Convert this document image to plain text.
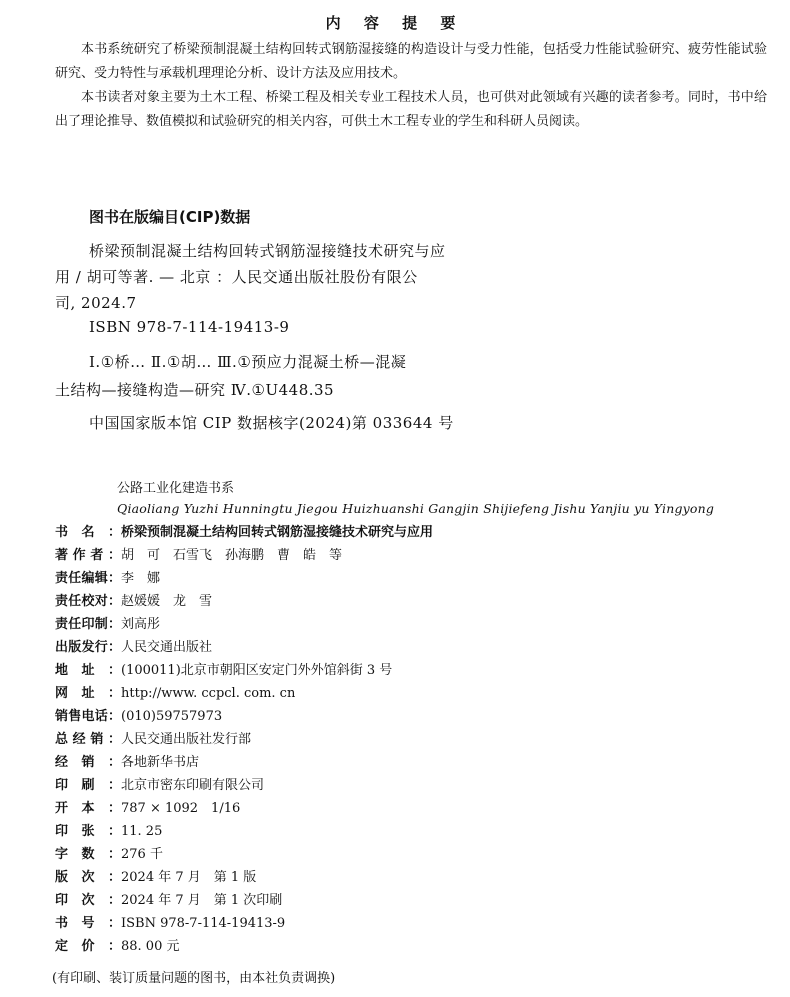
内 容 提 要

本书系统研究了桥梁预制混凝土结构回转式钢筋湿接缝的构造设计与受力性能，包括受力性能试验研究、疲劳性能试验研究、受力特性与承载机理理论分析、设计方法及应用技术。

本书读者对象主要为土木工程、桥梁工程及相关专业工程技术人员，也可供对此领域有兴趣的读者参考。同时，书中给出了理论推导、数值模拟和试验研究的相关内容，可供土木工程专业的学生和科研人员阅读。

图书在版编目(CIP)数据
桥梁预制混凝土结构回转式钢筋湿接缝技术研究与应
用 / 胡可等著. — 北京 ：人民交通出版社股份有限公
司, 2024.7
ISBN 978-7-114-19413-9
Ⅰ.①桥… Ⅱ.①胡… Ⅲ.①预应力混凝土桥—混凝
土结构—接缝构造—研究 Ⅳ.①U448.35
中国国家版本馆 CIP 数据核字(2024)第 033644 号
公路工业化建造书系
Qiaoliang Yuzhi Hunningtu Jiegou Huizhuanshi Gangjin Shijiefeng Jishu Yanjiu yu Yingyong
书名：桥梁预制混凝土结构回转式钢筋湿接缝技术研究与应用
著作者：胡　可　石雪飞　孙海鹏　曹　皓　等
责任编辑：李　娜
责任校对：赵媛媛　龙　雪
责任印制：刘高彤
出版发行：人民交通出版社
地址：(100011)北京市朝阳区安定门外外馆斜街 3 号
网址：http://www. ccpcl. com. cn
销售电话：(010)59757973
总经销：人民交通出版社发行部
经销：各地新华书店
印刷：北京市密东印刷有限公司
开本：787 × 1092　1/16
印张：11. 25
字数：276 千
版次：2024 年 7 月　第 1 版
印次：2024 年 7 月　第 1 次印刷
书号：ISBN 978-7-114-19413-9
定价：88. 00 元
(有印刷、装订质量问题的图书，由本社负责调换)
